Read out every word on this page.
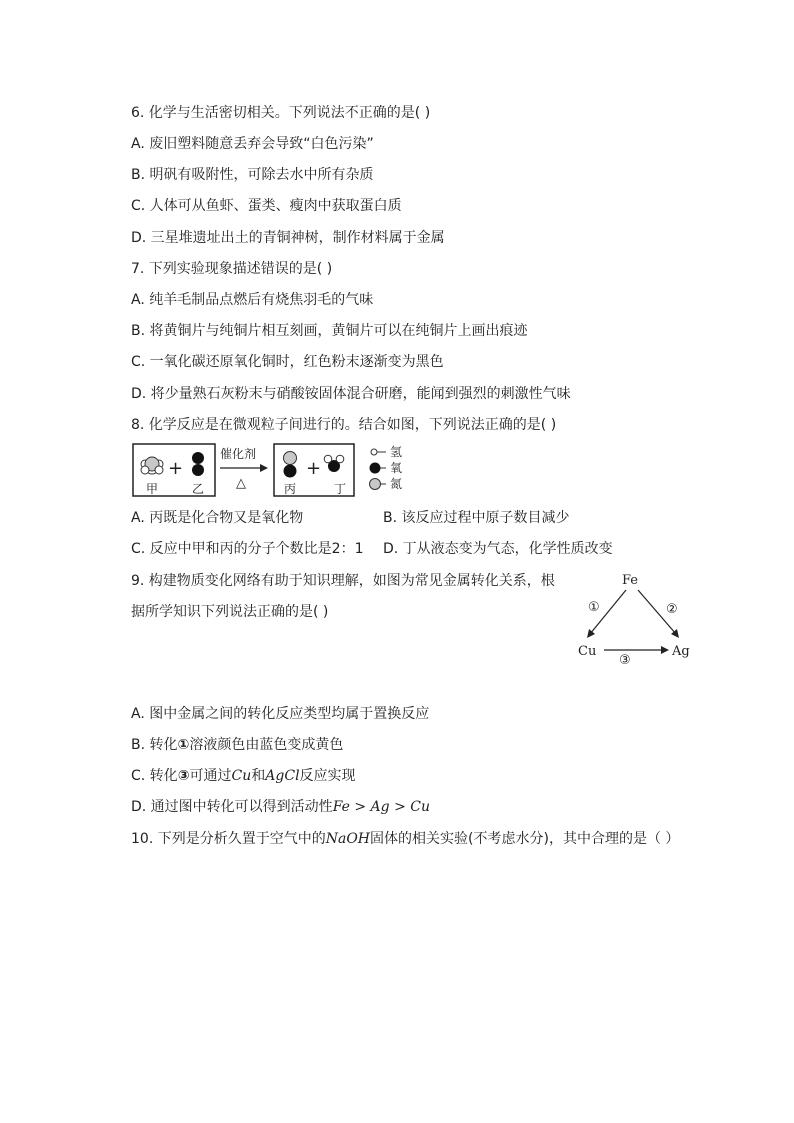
6. 化学与生活密切相关。下列说法不正确的是( )
A. 废旧塑料随意丢弃会导致“白色污染”
B. 明矾有吸附性，可除去水中所有杂质
C. 人体可从鱼虾、蛋类、瘦肉中获取蛋白质
D. 三星堆遗址出土的青铜神树，制作材料属于金属
7. 下列实验现象描述错误的是( )
A. 纯羊毛制品点燃后有烧焦羽毛的气味
B. 将黄铜片与纯铜片相互刻画，黄铜片可以在纯铜片上画出痕迹
C. 一氧化碳还原氧化铜时，红色粉末逐渐变为黑色
D. 将少量熟石灰粉末与硝酸铵固体混合研磨，能闻到强烈的刺激性气味
8. 化学反应是在微观粒子间进行的。结合如图，下列说法正确的是( )
+
甲	乙
催化剂
△
+
丙	丁
氢
氧
氮
A. 丙既是化合物又是氧化物	B. 该反应过程中原子数目减少
C. 反应中甲和丙的分子个数比是2：1 D. 丁从液态变为气态，化学性质改变
9. 构建物质变化网络有助于知识理解，如图为常见金属转化关系，根
据所学知识下列说法正确的是( )
Fe
Cu	Ag
①	②
③
A. 图中金属之间的转化反应类型均属于置换反应
B. 转化①溶液颜色由蓝色变成黄色
C. 转化③可通过Cu和AgCl反应实现
D. 通过图中转化可以得到活动性Fe > Ag > Cu
10. 下列是分析久置于空气中的NaOH固体的相关实验(不考虑水分)，其中合理的是（ ）
